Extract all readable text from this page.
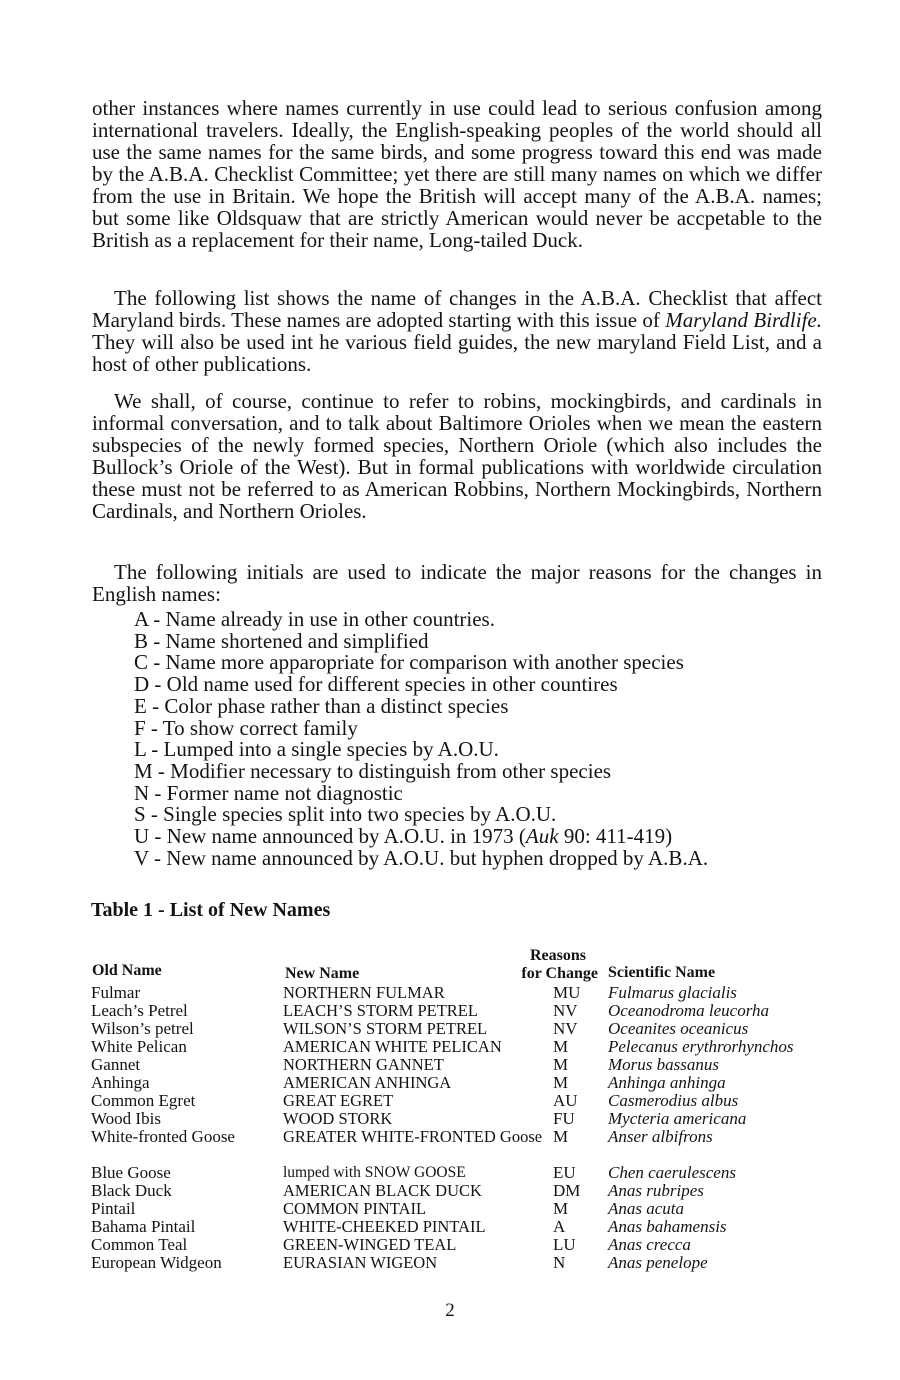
other instances where names currently in use could lead to serious confusion among international travelers. Ideally, the English-speaking peoples of the world should all use the same names for the same birds, and some progress toward this end was made by the A.B.A. Checklist Committee; yet there are still many names on which we differ from the use in Britain. We hope the British will accept many of the A.B.A. names; but some like Oldsquaw that are strictly American would never be accpetable to the British as a replacement for their name, Long-tailed Duck.

The following list shows the name of changes in the A.B.A. Checklist that affect Maryland birds. These names are adopted starting with this issue of Maryland Birdlife. They will also be used int he various field guides, the new maryland Field List, and a host of other publications.

We shall, of course, continue to refer to robins, mockingbirds, and cardinals in informal conversation, and to talk about Baltimore Orioles when we mean the eastern subspecies of the newly formed species, Northern Oriole (which also includes the Bullock’s Oriole of the West). But in formal publications with worldwide circulation these must not be referred to as American Robbins, Northern Mockingbirds, Northern Cardinals, and Northern Orioles.

The following initials are used to indicate the major reasons for the changes in English names:

A - Name already in use in other countries.
B - Name shortened and simplified
C - Name more apparopriate for comparison with another species
D - Old name used for different species in other countires
E - Color phase rather than a distinct species
F - To show correct family
L - Lumped into a single species by A.O.U.
M - Modifier necessary to distinguish from other species
N - Former name not diagnostic
S - Single species split into two species by A.O.U.
U - New name announced by A.O.U. in 1973 (Auk 90: 411-419)
V - New name announced by A.O.U. but hyphen dropped by A.B.A.

Table 1 - List of New Names

Old Name	New Name
Reasons
for Change Scientific Name
Fulmar	NORTHERN FULMAR	MU Fulmarus glacialis
Leach’s Petrel	LEACH’S STORM PETREL	NV Oceanodroma leucorha
Wilson’s petrel	WILSON’S STORM PETREL	NV Oceanites oceanicus
White Pelican	AMERICAN WHITE PELICAN	M Pelecanus erythrorhynchos
Gannet	NORTHERN GANNET	M Morus bassanus
Anhinga	AMERICAN ANHINGA	M Anhinga anhinga
Common Egret	GREAT EGRET	AU Casmerodius albus
Wood Ibis	WOOD STORK	FU Mycteria americana
White-fronted Goose	GREATER WHITE-FRONTED Goose M Anser albifrons
Blue Goose	lumped with SNOW GOOSE	EU Chen caerulescens
Black Duck	AMERICAN BLACK DUCK	DM Anas rubripes
Pintail	COMMON PINTAIL	M Anas acuta
Bahama Pintail	WHITE-CHEEKED PINTAIL	A	Anas bahamensis
Common Teal	GREEN-WINGED TEAL	LU Anas crecca
European Widgeon	EURASIAN WIGEON	N	Anas penelope
2
